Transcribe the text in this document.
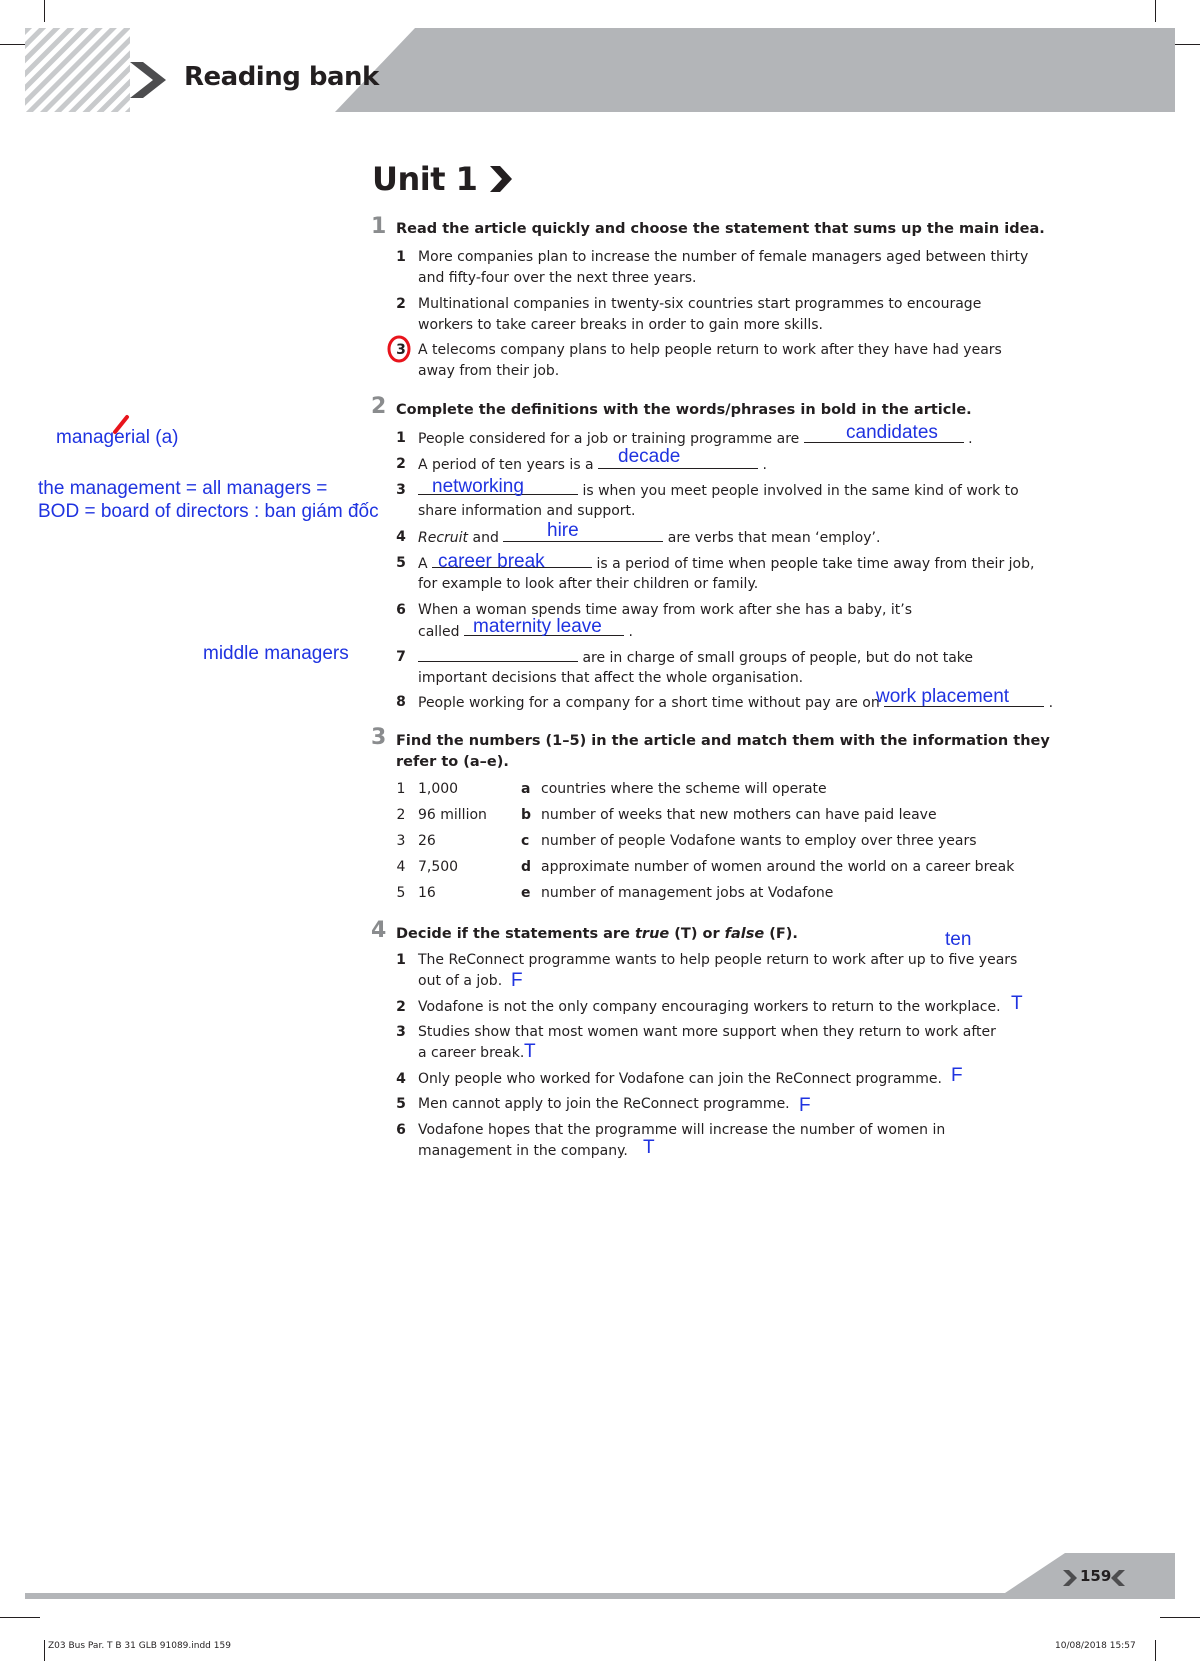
Reading bank
Unit 1
1 Read the article quickly and choose the statement that sums up the main idea.
1 More companies plan to increase the number of female managers aged between thirty
and fifty-four over the next three years.
2 Multinational companies in twenty-six countries start programmes to encourage
workers to take career breaks in order to gain more skills.
3 A telecoms company plans to help people return to work after they have had years
away from their job.
2 Complete the definitions with the words/phrases in bold in the article.
1 People considered for a job or training programme are	.
2 A period of ten years is a	.
3	is when you meet people involved in the same kind of work to
share information and support.
4 Recruit and	are verbs that mean ‘employ’.
5 A	is a period of time when people take time away from their job,
for example to look after their children or family.
6 When a woman spends time away from work after she has a baby, it’s
called	.
7	are in charge of small groups of people, but do not take
important decisions that affect the whole organisation.
8 People working for a company for a short time without pay are on	.
3 Find the numbers (1–5) in the article and match them with the information they
refer to (a–e).
1 1,000	a countries where the scheme will operate
2 96 million b number of weeks that new mothers can have paid leave
3 26	c number of people Vodafone wants to employ over three years
4 7,500	d approximate number of women around the world on a career break
5 16	e number of management jobs at Vodafone
4 Decide if the statements are true (T) or false (F).
1 The ReConnect programme wants to help people return to work after up to five years
out of a job.
2 Vodafone is not the only company encouraging workers to return to the workplace.
3 Studies show that most women want more support when they return to work after
a career break.
4 Only people who worked for Vodafone can join the ReConnect programme.
5 Men cannot apply to join the ReConnect programme.
6 Vodafone hopes that the programme will increase the number of women in
management in the company.
managerial (a)
the management = all managers =
BOD = board of directors : ban giám đốc
middle managers
candidates
decade
networking
hire
career break
maternity leave
work placement
ten
F
T
T
F
F
T
159
Z03 Bus Par. T B 31 GLB 91089.indd 159	10/08/2018 15:57
